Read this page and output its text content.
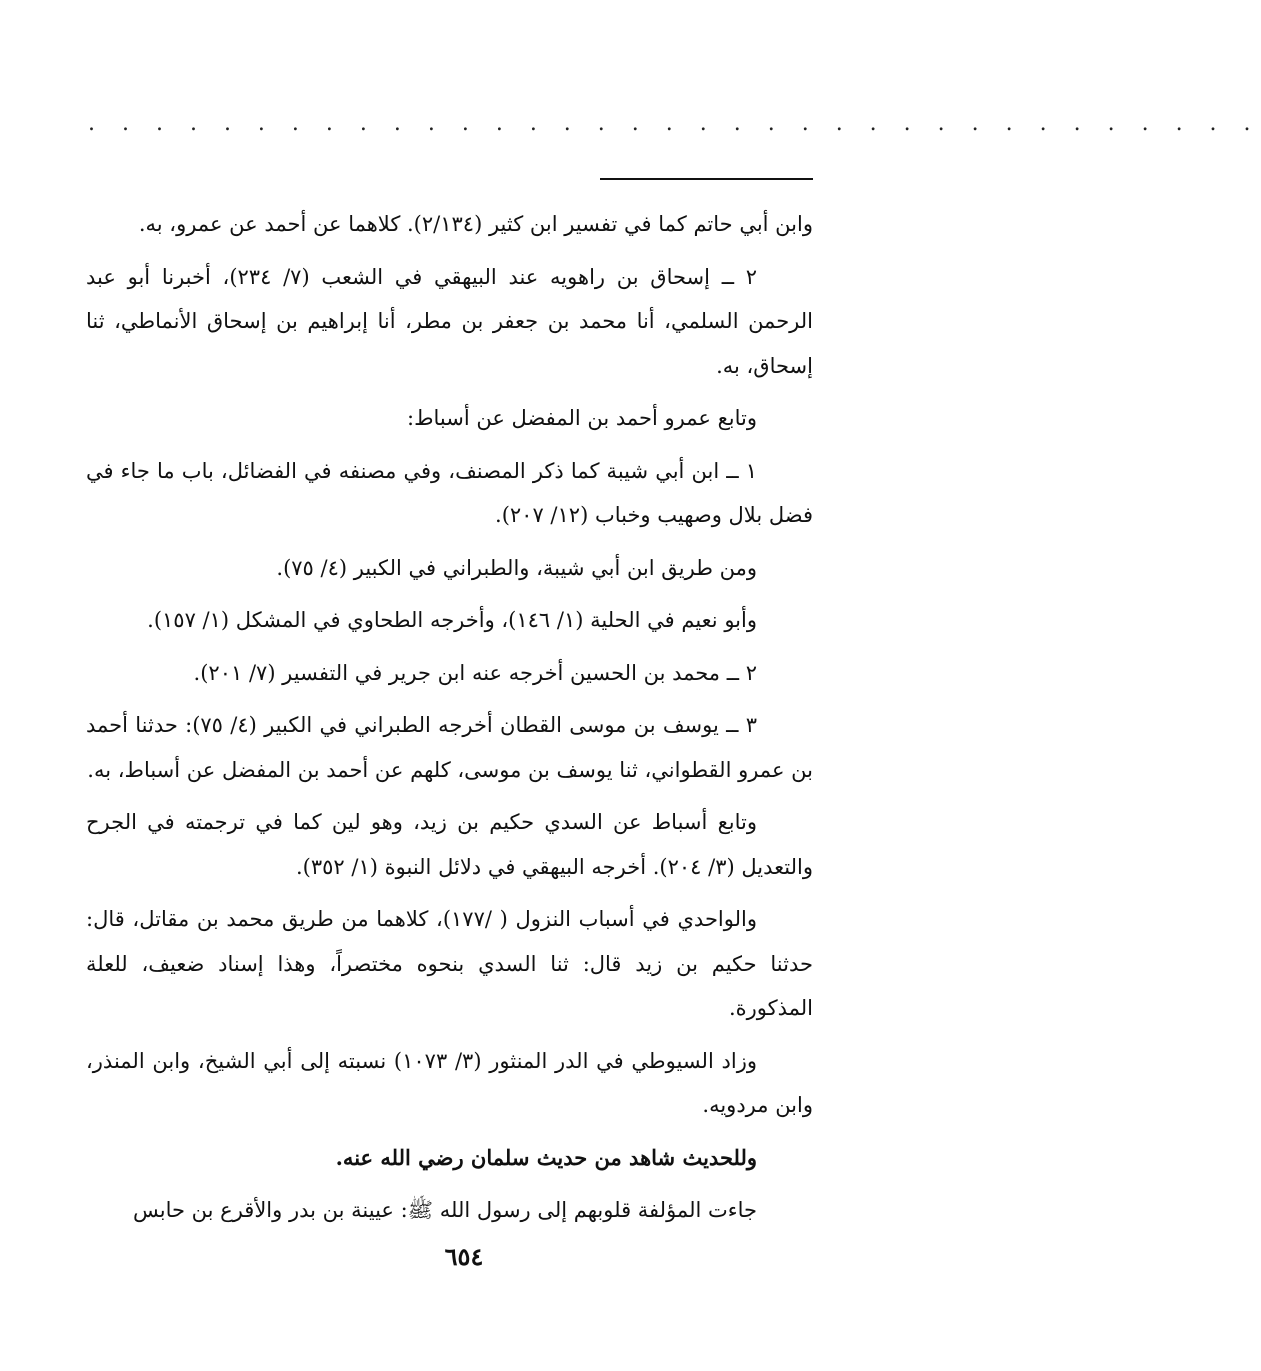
. . . . . . . . . . . . . . . . . . . . . . . . . . . . . . . . . . .

وابن أبي حاتم كما في تفسير ابن كثير (٢/١٣٤). كلاهما عن أحمد عن عمرو، به.

٢ ــ إسحاق بن راهويه عند البيهقي في الشعب (٧/ ٢٣٤)، أخبرنا أبو عبد الرحمن السلمي، أنا محمد بن جعفر بن مطر، أنا إبراهيم بن إسحاق الأنماطي، ثنا إسحاق، به.

وتابع عمرو أحمد بن المفضل عن أسباط:

١ ــ ابن أبي شيبة كما ذكر المصنف، وفي مصنفه في الفضائل، باب ما جاء في فضل بلال وصهيب وخباب (١٢/ ٢٠٧).

ومن طريق ابن أبي شيبة، والطبراني في الكبير (٤/ ٧٥).

وأبو نعيم في الحلية (١/ ١٤٦)، وأخرجه الطحاوي في المشكل (١/ ١٥٧).

٢ ــ محمد بن الحسين أخرجه عنه ابن جرير في التفسير (٧/ ٢٠١).

٣ ــ يوسف بن موسى القطان أخرجه الطبراني في الكبير (٤/ ٧٥): حدثنا أحمد بن عمرو القطواني، ثنا يوسف بن موسى، كلهم عن أحمد بن المفضل عن أسباط، به.

وتابع أسباط عن السدي حكيم بن زيد، وهو لين كما في ترجمته في الجرح والتعديل (٣/ ٢٠٤). أخرجه البيهقي في دلائل النبوة (١/ ٣٥٢).

والواحدي في أسباب النزول ( /١٧٧)، كلاهما من طريق محمد بن مقاتل، قال: حدثنا حكيم بن زيد قال: ثنا السدي بنحوه مختصراً، وهذا إسناد ضعيف، للعلة المذكورة.

وزاد السيوطي في الدر المنثور (٣/ ١٠٧٣) نسبته إلى أبي الشيخ، وابن المنذر، وابن مردويه.

وللحديث شاهد من حديث سلمان رضي الله عنه.

جاءت المؤلفة قلوبهم إلى رسول الله ﷺ: عيينة بن بدر والأقرع بن حابس

٦٥٤
